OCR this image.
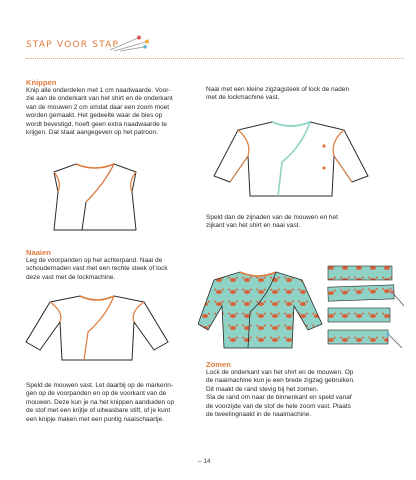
STAP VOOR STAP
Knippen
Knip alle onderdelen met 1 cm naadwaarde. Voor-
zie aan de onderkant van het shirt en de onderkant
van de mouwen 2 cm omdat daar een zoom moet
worden gemaakt. Het gedeelte waar de bies op
wordt bevestigd, hoeft geen extra naadwaarde te
krijgen. Dat staat aangegeven op het patroon.
Naaien
Leg de voorpanden op het achterpand. Naai de
schoudernaden vast met een rechte steek of lock
deze vast met de lockmachine.
Speld de mouwen vast. Let daarbij op de markerin-
gen op de voorpanden en op de voorkant van de
mouwen. Deze kun je na het knippen aanduiden op
de stof met een krijtje of uitwasbare stift, of je kunt
een knipje maken met een puntig naaischaartje.
Naai met een kleine zigzagsteek of lock de naden
met de lockmachine vast.
Speld dan de zijnaden van de mouwen en het
zijkant van het shirt en naai vast.
Zomen
Lock de onderkant van het shirt en de mouwen. Op
de naaimachine kun je een brede zigzag gebruiken.
Dit maakt de rand stevig bij het zomen.
Sla de rand om naar de binnenkant en speld vanaf
de voorzijde van de stof de hele zoom vast. Plaats
de tweelingnaald in de naaimachine.
– 14
